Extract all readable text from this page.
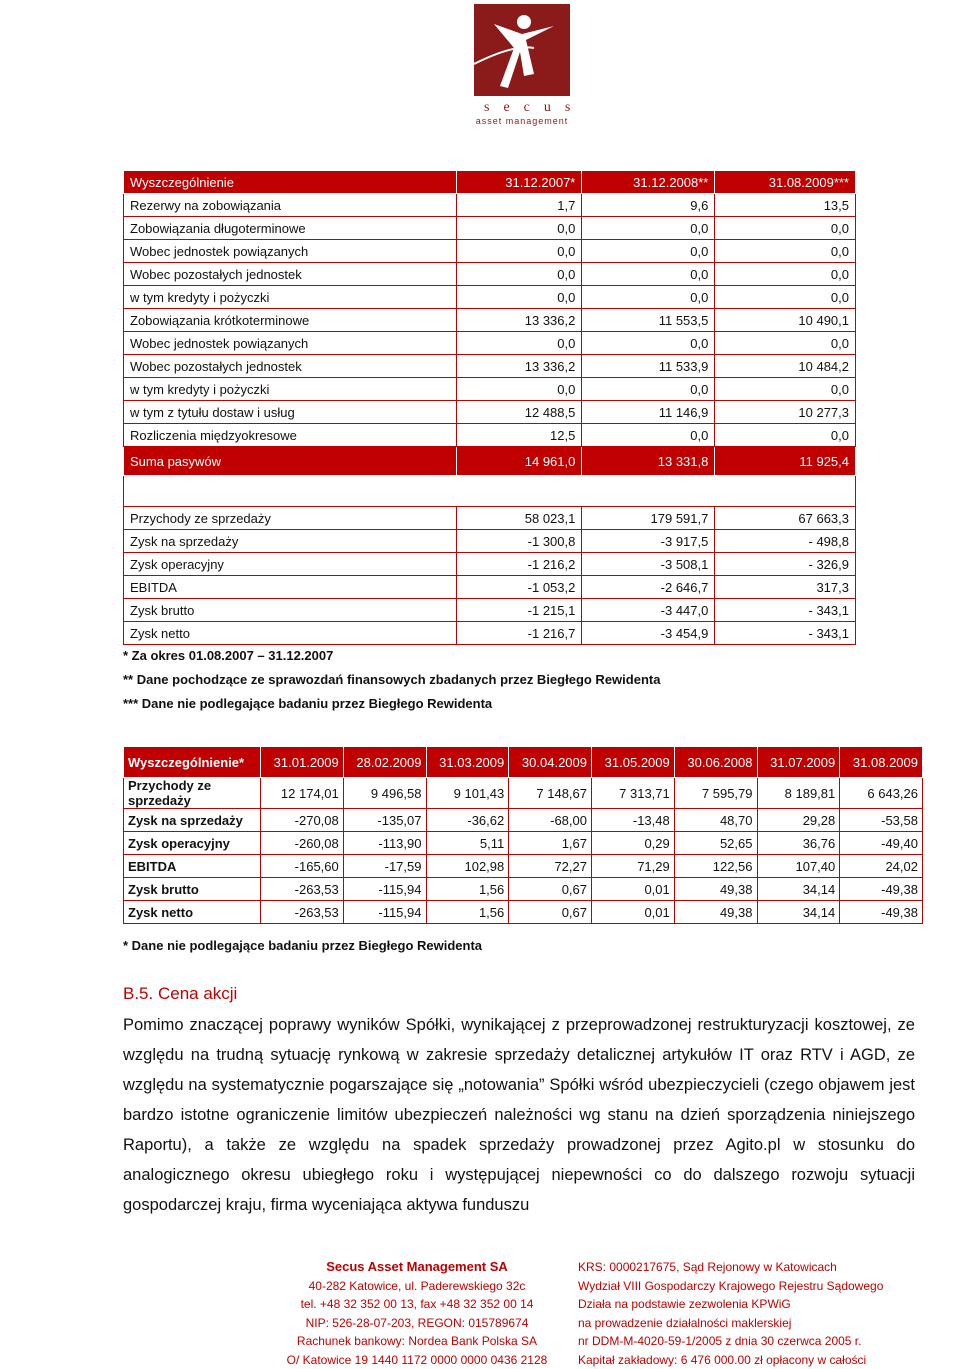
secus
asset management
Wyszczególnienie	31.12.2007*	31.12.2008**	31.08.2009***
Rezerwy na zobowiązania	1,7	9,6	13,5
Zobowiązania długoterminowe	0,0	0,0	0,0
Wobec jednostek powiązanych	0,0	0,0	0,0
Wobec pozostałych jednostek	0,0	0,0	0,0
w tym kredyty i pożyczki	0,0	0,0	0,0
Zobowiązania krótkoterminowe	13 336,2	11 553,5	10 490,1
Wobec jednostek powiązanych	0,0	0,0	0,0
Wobec pozostałych jednostek	13 336,2	11 533,9	10 484,2
w tym kredyty i pożyczki	0,0	0,0	0,0
w tym z tytułu dostaw i usług	12 488,5	11 146,9	10 277,3
Rozliczenia międzyokresowe	12,5	0,0	0,0
Suma pasywów	14 961,0	13 331,8	11 925,4

Przychody ze sprzedaży	58 023,1	179 591,7	67 663,3
Zysk na sprzedaży	-1 300,8	-3 917,5	- 498,8
Zysk operacyjny	-1 216,2	-3 508,1	- 326,9
EBITDA	-1 053,2	-2 646,7	317,3
Zysk brutto	-1 215,1	-3 447,0	- 343,1
Zysk netto	-1 216,7	-3 454,9	- 343,1
* Za okres 01.08.2007 – 31.12.2007
** Dane pochodzące ze sprawozdań finansowych zbadanych przez Biegłego Rewidenta
*** Dane nie podlegające badaniu przez Biegłego Rewidenta
Wyszczególnienie*	31.01.2009	28.02.2009	31.03.2009	30.04.2009	31.05.2009	30.06.2008	31.07.2009	31.08.2009
Przychody ze sprzedaży	12 174,01	9 496,58	9 101,43	7 148,67	7 313,71	7 595,79	8 189,81	6 643,26
Zysk na sprzedaży	-270,08	-135,07	-36,62	-68,00	-13,48	48,70	29,28	-53,58
Zysk operacyjny	-260,08	-113,90	5,11	1,67	0,29	52,65	36,76	-49,40
EBITDA	-165,60	-17,59	102,98	72,27	71,29	122,56	107,40	24,02
Zysk brutto	-263,53	-115,94	1,56	0,67	0,01	49,38	34,14	-49,38
Zysk netto	-263,53	-115,94	1,56	0,67	0,01	49,38	34,14	-49,38
* Dane nie podlegające badaniu przez Biegłego Rewidenta
B.5. Cena akcji
Pomimo znaczącej poprawy wyników Spółki, wynikającej z przeprowadzonej restrukturyzacji kosztowej, ze względu na trudną sytuację rynkową w zakresie sprzedaży detalicznej artykułów IT oraz RTV i AGD, ze względu na systematycznie pogarszające się „notowania” Spółki wśród ubezpieczycieli (czego objawem jest bardzo istotne ograniczenie limitów ubezpieczeń należności wg stanu na dzień sporządzenia niniejszego Raportu), a także ze względu na spadek sprzedaży prowadzonej przez Agito.pl w stosunku do analogicznego okresu ubiegłego roku i występującej niepewności co do dalszego rozwoju sytuacji gospodarczej kraju, firma wyceniająca aktywa funduszu
Secus Asset Management SA
40-282 Katowice, ul. Paderewskiego 32c
tel. +48 32 352 00 13, fax +48 32 352 00 14
NIP: 526-28-07-203, REGON: 015789674
Rachunek bankowy: Nordea Bank Polska SA
O/ Katowice 19 1440 1172 0000 0000 0436 2128
KRS: 0000217675, Sąd Rejonowy w Katowicach
Wydział VIII Gospodarczy Krajowego Rejestru Sądowego
Działa na podstawie zezwolenia KPWiG
na prowadzenie działalności maklerskiej
nr DDM-M-4020-59-1/2005 z dnia 30 czerwca 2005 r.
Kapitał zakładowy: 6 476 000.00 zł opłacony w całości
